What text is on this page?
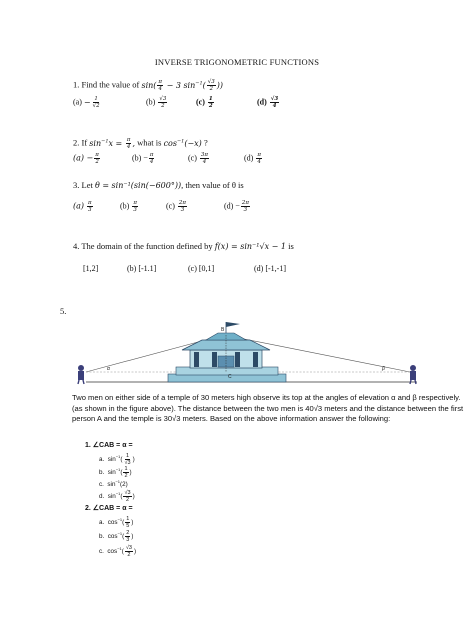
INVERSE TRIGONOMETRIC FUNCTIONS
1. Find the value of $\sin( \frac{\pi}{4} - 3$ $\sin^{-1}( \frac{√3}{2}$ ))
$(a) - \frac{1}{√2}$	$(b) \frac{√3}{2}$	$(c) \frac{1}{2}$	$(d) \frac{√3}{4}$
2. If $\sin^{-1}x = \frac{\pi}{4}$ , what is $\cos^{-1}(-x)$ ?
$(a) - \frac{\pi}{2}$	$(b) - \frac{\pi}{4}$	$(c) \frac{3\pi}{4}$	$(d) \frac{\pi}{4}$
3. Let θ = sin⁻¹(sin(−600°)), then value of θ is
$(a) \frac{\pi}{3}$	$(b) \frac{\pi}{3}$	$(c) \frac{2\pi}{3}$	$(d) - \frac{2\pi}{3}$
4. The domain of the function defined by f(x) = sin⁻¹√x − 1 is
[1,2]	(b) [-1.1]	(c) [0,1]	(d) [-1,-1]
5.
B
C
α	β
Two men on either side of a temple of 30 meters high observe its top at the angles of elevation α and β respectively. (as shown in the figure above). The distance between the two men is 40√3 meters and the distance between the first person A and the temple is 30√3 meters. Based on the above information answer the following:
1. ∠CAB = α =
a.  $\sin^{-1}( \frac{1}{√3}$ )
b.  $\sin^{-1}( \frac{1}{2}$ )
c.  $\sin^{-1}(2)$
d.  $\sin^{-1}( \frac{√3}{2}$ )
2. ∠CAB = α =
a.  $\cos^{-1}( \frac{1}{5}$ )
b.  $\cos^{-1}( \frac{2}{3}$ )
c.  $\cos^{-1}( \frac{√3}{2}$ )
